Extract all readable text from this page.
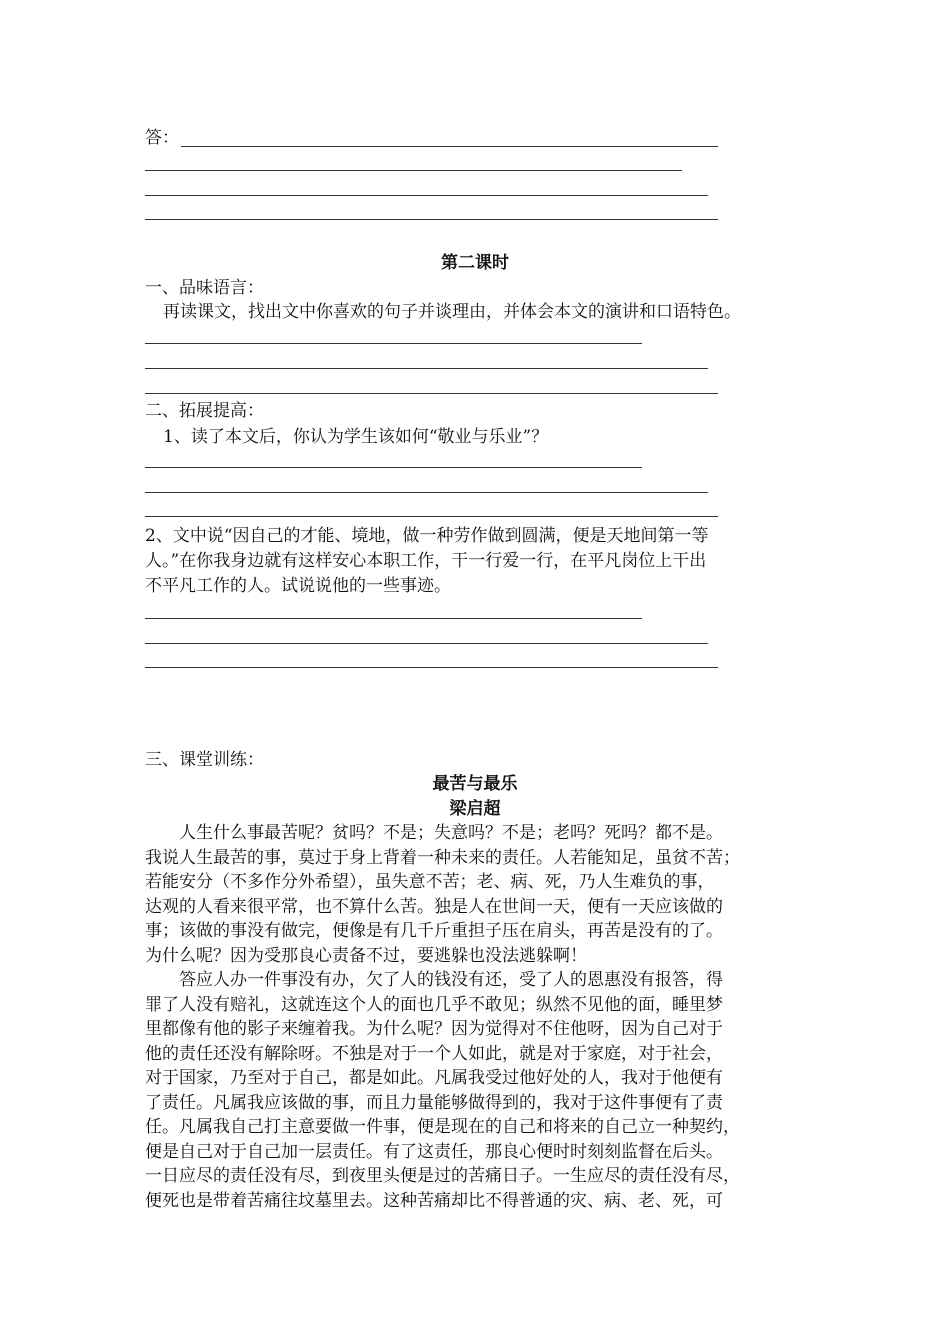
答：
第二课时
一、品味语言：
再读课文，找出文中你喜欢的句子并谈理由，并体会本文的演讲和口语特色。
二、拓展提高：
1、读了本文后，你认为学生该如何“敬业与乐业”？
2、文中说“因自己的才能、境地，做一种劳作做到圆满，便是天地间第一等
人。”在你我身边就有这样安心本职工作，干一行爱一行，在平凡岗位上干出
不平凡工作的人。试说说他的一些事迹。
三、课堂训练：
最苦与最乐
梁启超
　　人生什么事最苦呢？贫吗？不是；失意吗？不是；老吗？死吗？都不是。
我说人生最苦的事，莫过于身上背着一种未来的责任。人若能知足，虽贫不苦；
若能安分（不多作分外希望），虽失意不苦；老、病、死，乃人生难负的事，
达观的人看来很平常，也不算什么苦。独是人在世间一天，便有一天应该做的
事；该做的事没有做完，便像是有几千斤重担子压在肩头，再苦是没有的了。
为什么呢？因为受那良心责备不过，要逃躲也没法逃躲啊！
　　答应人办一件事没有办，欠了人的钱没有还，受了人的恩惠没有报答，得
罪了人没有赔礼，这就连这个人的面也几乎不敢见；纵然不见他的面，睡里梦
里都像有他的影子来缠着我。为什么呢？因为觉得对不住他呀，因为自己对于
他的责任还没有解除呀。不独是对于一个人如此，就是对于家庭，对于社会，
对于国家，乃至对于自己，都是如此。凡属我受过他好处的人，我对于他便有
了责任。凡属我应该做的事，而且力量能够做得到的，我对于这件事便有了责
任。凡属我自己打主意要做一件事，便是现在的自己和将来的自己立一种契约，
便是自己对于自己加一层责任。有了这责任，那良心便时时刻刻监督在后头。
一日应尽的责任没有尽，到夜里头便是过的苦痛日子。一生应尽的责任没有尽，
便死也是带着苦痛往坟墓里去。这种苦痛却比不得普通的灾、病、老、死，可
